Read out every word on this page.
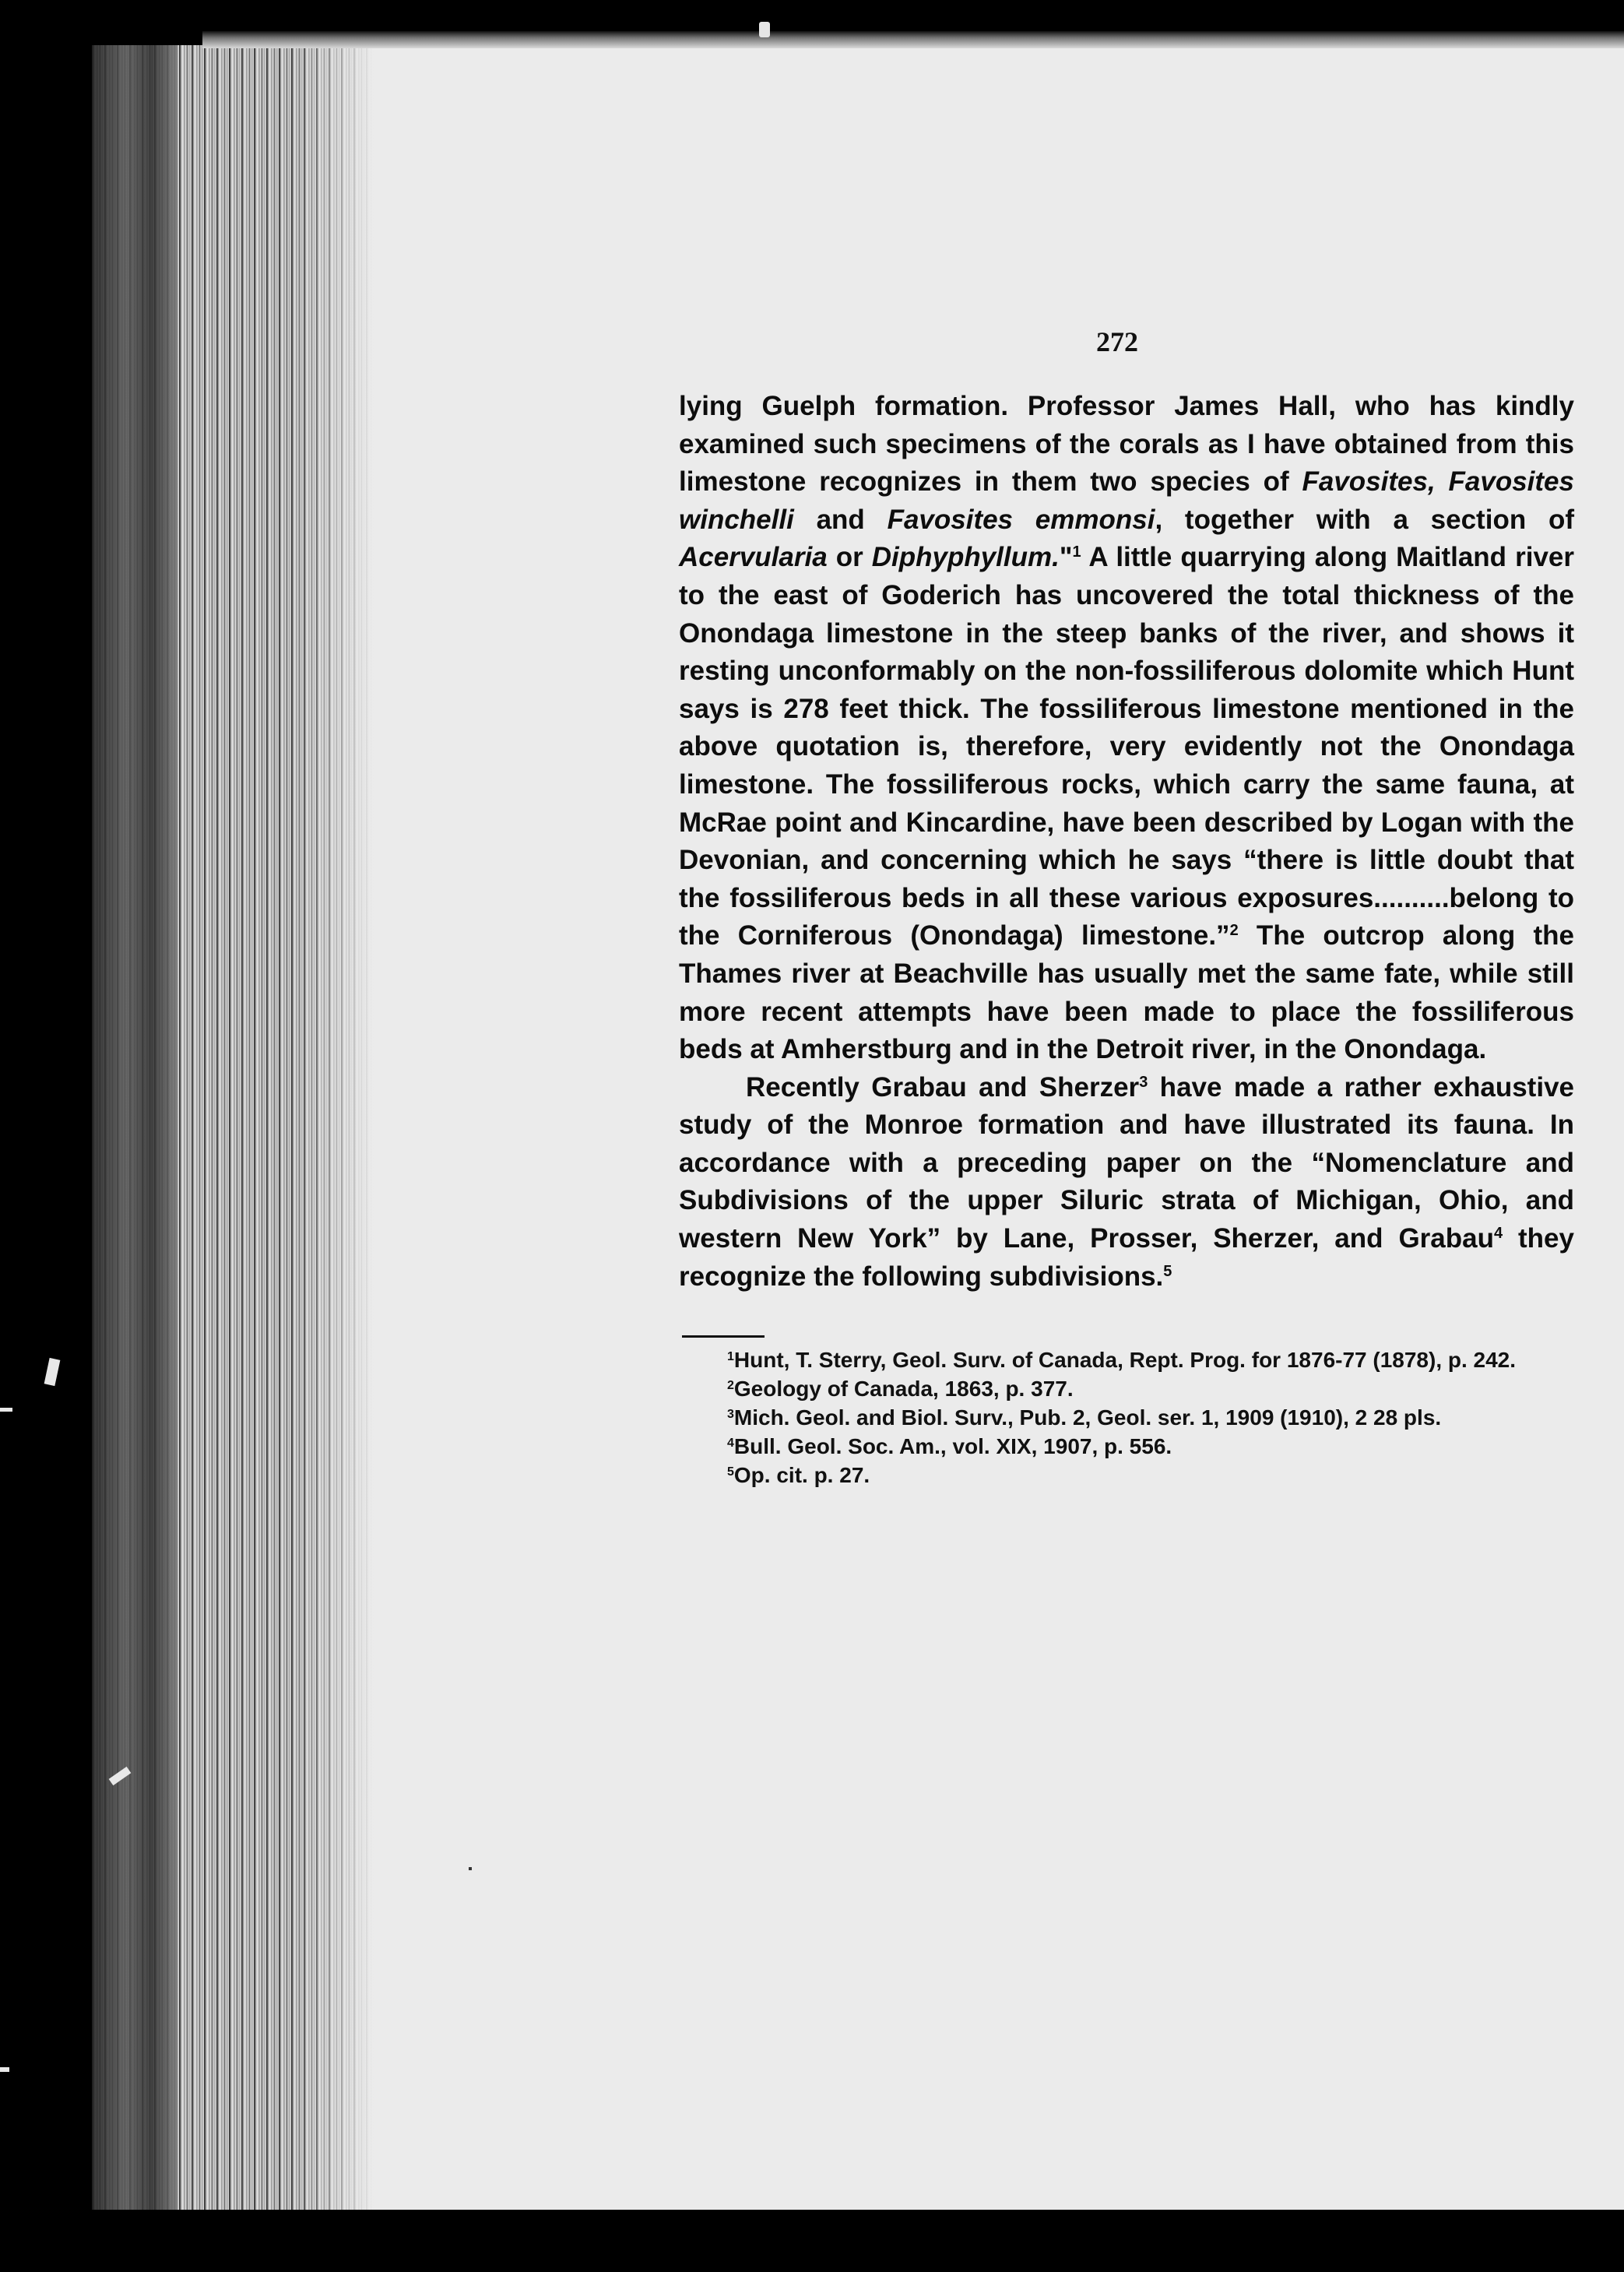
272

lying Guelph formation. Professor James Hall, who has kindly examined such specimens of the corals as I have obtained from this limestone recognizes in them two species of Favosites, Favosites winchelli and Favosites emmonsi, together with a section of Acervularia or Diphyphyllum."$^1$ A little quarrying along Maitland river to the east of Goderich has uncovered the total thickness of the Onondaga limestone in the steep banks of the river, and shows it resting unconformably on the non-fossiliferous dolomite which Hunt says is 278 feet thick. The fossiliferous limestone mentioned in the above quotation is, therefore, very evidently not the Onondaga limestone. The fossiliferous rocks, which carry the same fauna, at McRae point and Kincardine, have been described by Logan with the Devonian, and concerning which he says “there is little doubt that the fossiliferous beds in all these various exposures..........belong to the Corniferous (Onondaga) limestone.”$^2$ The outcrop along the Thames river at Beachville has usually met the same fate, while still more recent attempts have been made to place the fossiliferous beds at Amherstburg and in the Detroit river, in the Onondaga.

Recently Grabau and Sherzer$^3$ have made a rather exhaustive study of the Monroe formation and have illustrated its fauna. In accordance with a preceding paper on the “Nomenclature and Subdivisions of the upper Siluric strata of Michigan, Ohio, and western New York” by Lane, Prosser, Sherzer, and Grabau$^4$ they recognize the following subdivisions.$^5$

$^1$Hunt, T. Sterry, Geol. Surv. of Canada, Rept. Prog. for 1876-77 (1878), p. 242.

$^2$Geology of Canada, 1863, p. 377.

$^3$Mich. Geol. and Biol. Surv., Pub. 2, Geol. ser. 1, 1909 (1910), 2 28 pls.

$^4$Bull. Geol. Soc. Am., vol. XIX, 1907, p. 556.

$^5$Op. cit. p. 27.
